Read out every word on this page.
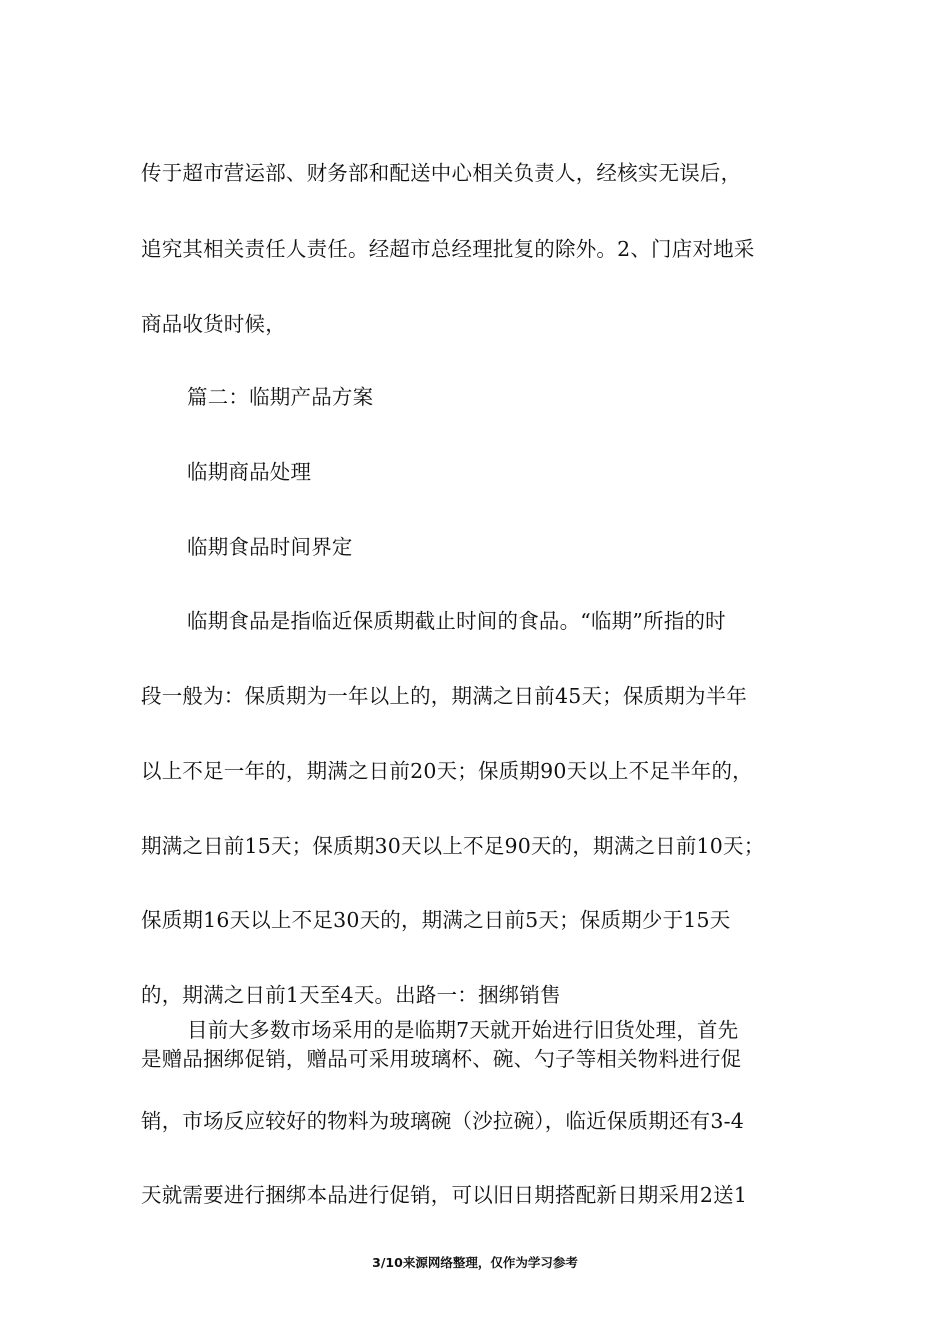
传于超市营运部、财务部和配送中心相关负责人，经核实无误后，
追究其相关责任人责任。经超市总经理批复的除外。2、门店对地采
商品收货时候，
篇二：临期产品方案
临期商品处理
临期食品时间界定
临期食品是指临近保质期截止时间的食品。“临期”所指的时
段一般为：保质期为一年以上的，期满之日前45天；保质期为半年
以上不足一年的，期满之日前20天；保质期90天以上不足半年的，
期满之日前15天；保质期30天以上不足90天的，期满之日前10天；
保质期16天以上不足30天的，期满之日前5天；保质期少于15天
的，期满之日前1天至4天。出路一：捆绑销售
目前大多数市场采用的是临期7天就开始进行旧货处理，首先
是赠品捆绑促销，赠品可采用玻璃杯、碗、勺子等相关物料进行促
销，市场反应较好的物料为玻璃碗（沙拉碗），临近保质期还有3-4
天就需要进行捆绑本品进行促销，可以旧日期搭配新日期采用2送1
3/10来源网络整理，仅作为学习参考
